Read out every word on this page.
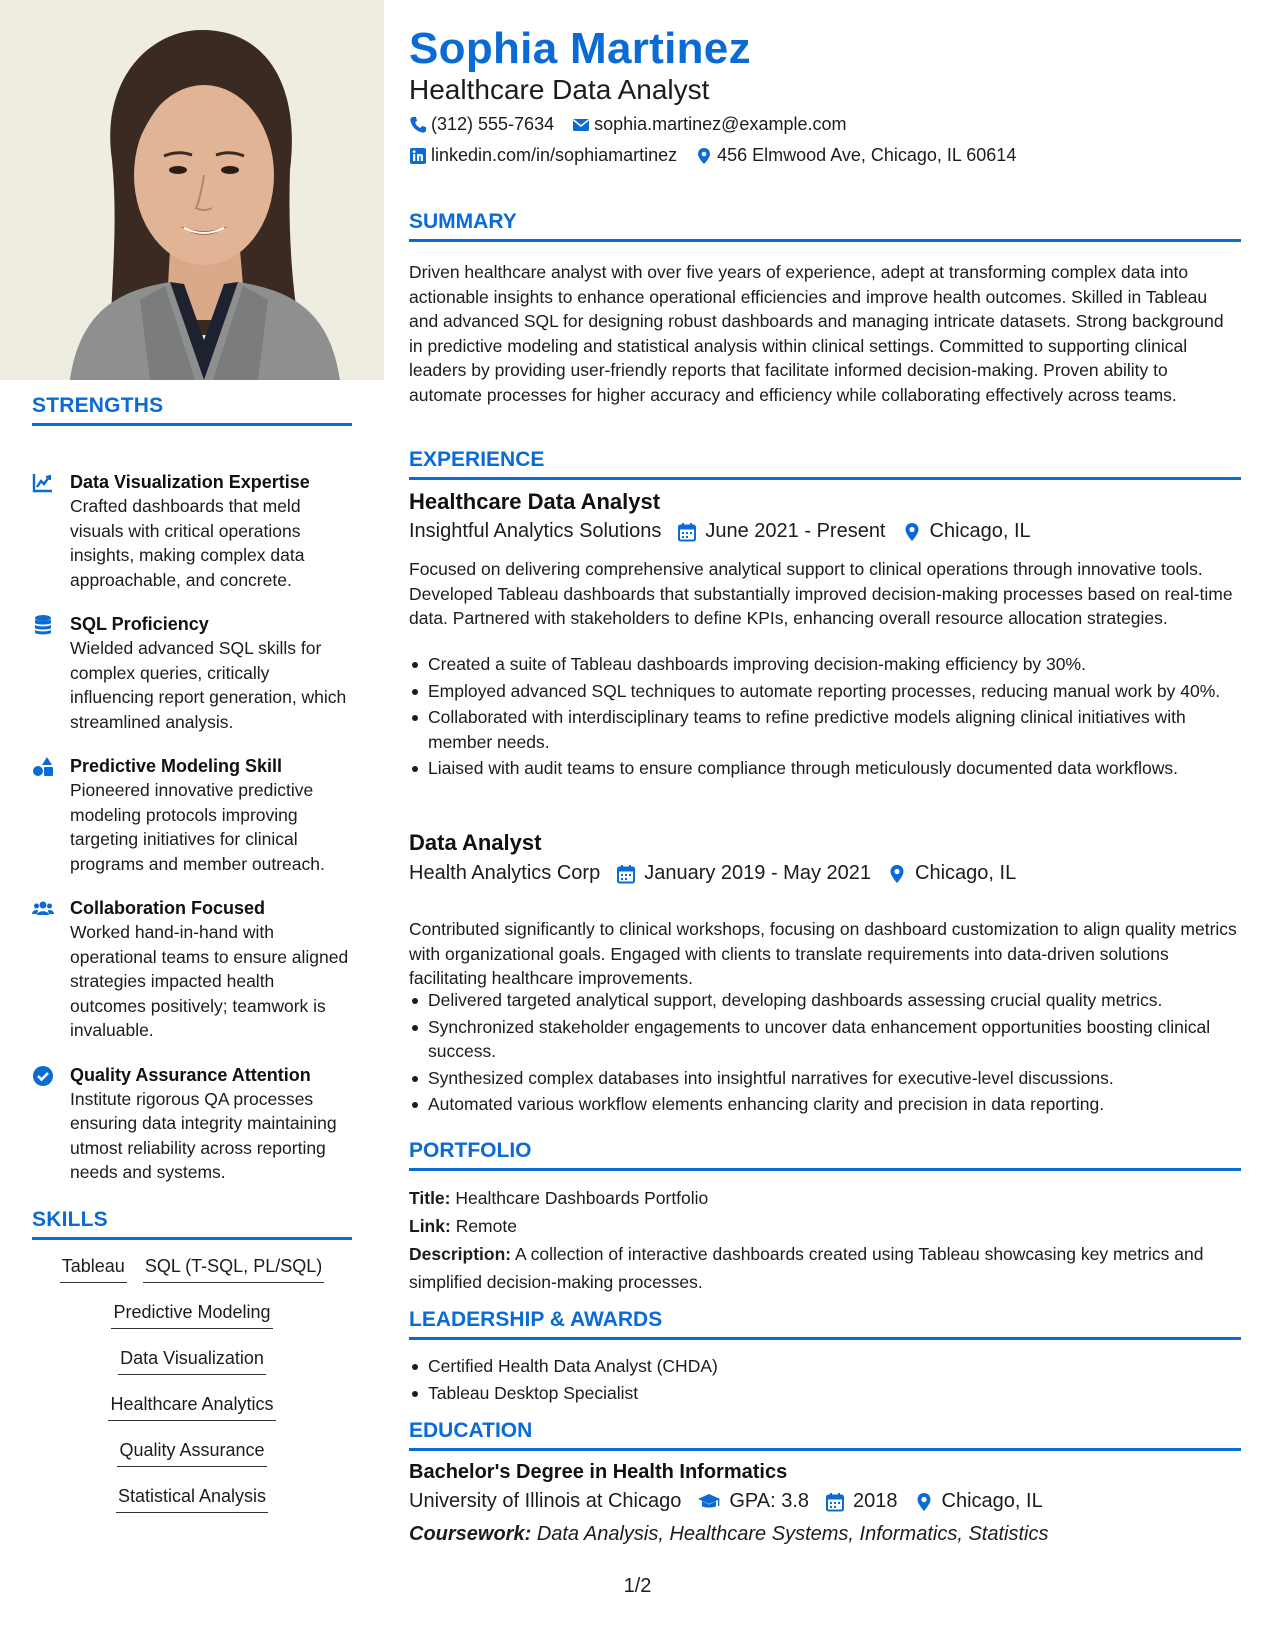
STRENGTHS
Data Visualization Expertise
Crafted dashboards that meld visuals with critical operations insights, making complex data approachable, and concrete.
SQL Proficiency
Wielded advanced SQL skills for complex queries, critically influencing report generation, which streamlined analysis.
Predictive Modeling Skill
Pioneered innovative predictive modeling protocols improving targeting initiatives for clinical programs and member outreach.
Collaboration Focused
Worked hand-in-hand with operational teams to ensure aligned strategies impacted health outcomes positively; teamwork is invaluable.
Quality Assurance Attention
Institute rigorous QA processes ensuring data integrity maintaining utmost reliability across reporting needs and systems.
SKILLS
Tableau SQL (T-SQL, PL/SQL)
Predictive Modeling
Data Visualization
Healthcare Analytics
Quality Assurance
Statistical Analysis
Sophia Martinez
Healthcare Data Analyst
(312) 555-7634 sophia.martinez@example.com
linkedin.com/in/sophiamartinez 456 Elmwood Ave, Chicago, IL 60614
SUMMARY
Driven healthcare analyst with over five years of experience, adept at transforming complex data into actionable insights to enhance operational efficiencies and improve health outcomes. Skilled in Tableau and advanced SQL for designing robust dashboards and managing intricate datasets. Strong background in predictive modeling and statistical analysis within clinical settings. Committed to supporting clinical leaders by providing user-friendly reports that facilitate informed decision-making. Proven ability to automate processes for higher accuracy and efficiency while collaborating effectively across teams.
EXPERIENCE
Healthcare Data Analyst
Insightful Analytics Solutions June 2021 - Present Chicago, IL
Focused on delivering comprehensive analytical support to clinical operations through innovative tools. Developed Tableau dashboards that substantially improved decision-making processes based on real-time data. Partnered with stakeholders to define KPIs, enhancing overall resource allocation strategies.
Created a suite of Tableau dashboards improving decision-making efficiency by 30%.
Employed advanced SQL techniques to automate reporting processes, reducing manual work by 40%.
Collaborated with interdisciplinary teams to refine predictive models aligning clinical initiatives with member needs.
Liaised with audit teams to ensure compliance through meticulously documented data workflows.
Data Analyst
Health Analytics Corp January 2019 - May 2021 Chicago, IL
Contributed significantly to clinical workshops, focusing on dashboard customization to align quality metrics with organizational goals. Engaged with clients to translate requirements into data-driven solutions facilitating healthcare improvements.
Delivered targeted analytical support, developing dashboards assessing crucial quality metrics.
Synchronized stakeholder engagements to uncover data enhancement opportunities boosting clinical success.
Synthesized complex databases into insightful narratives for executive-level discussions.
Automated various workflow elements enhancing clarity and precision in data reporting.
PORTFOLIO
Title: Healthcare Dashboards Portfolio
Link: Remote
Description: A collection of interactive dashboards created using Tableau showcasing key metrics and simplified decision-making processes.
LEADERSHIP & AWARDS
Certified Health Data Analyst (CHDA)
Tableau Desktop Specialist
EDUCATION
Bachelor's Degree in Health Informatics
University of Illinois at Chicago GPA: 3.8 2018 Chicago, IL
Coursework: Data Analysis, Healthcare Systems, Informatics, Statistics
1/2
